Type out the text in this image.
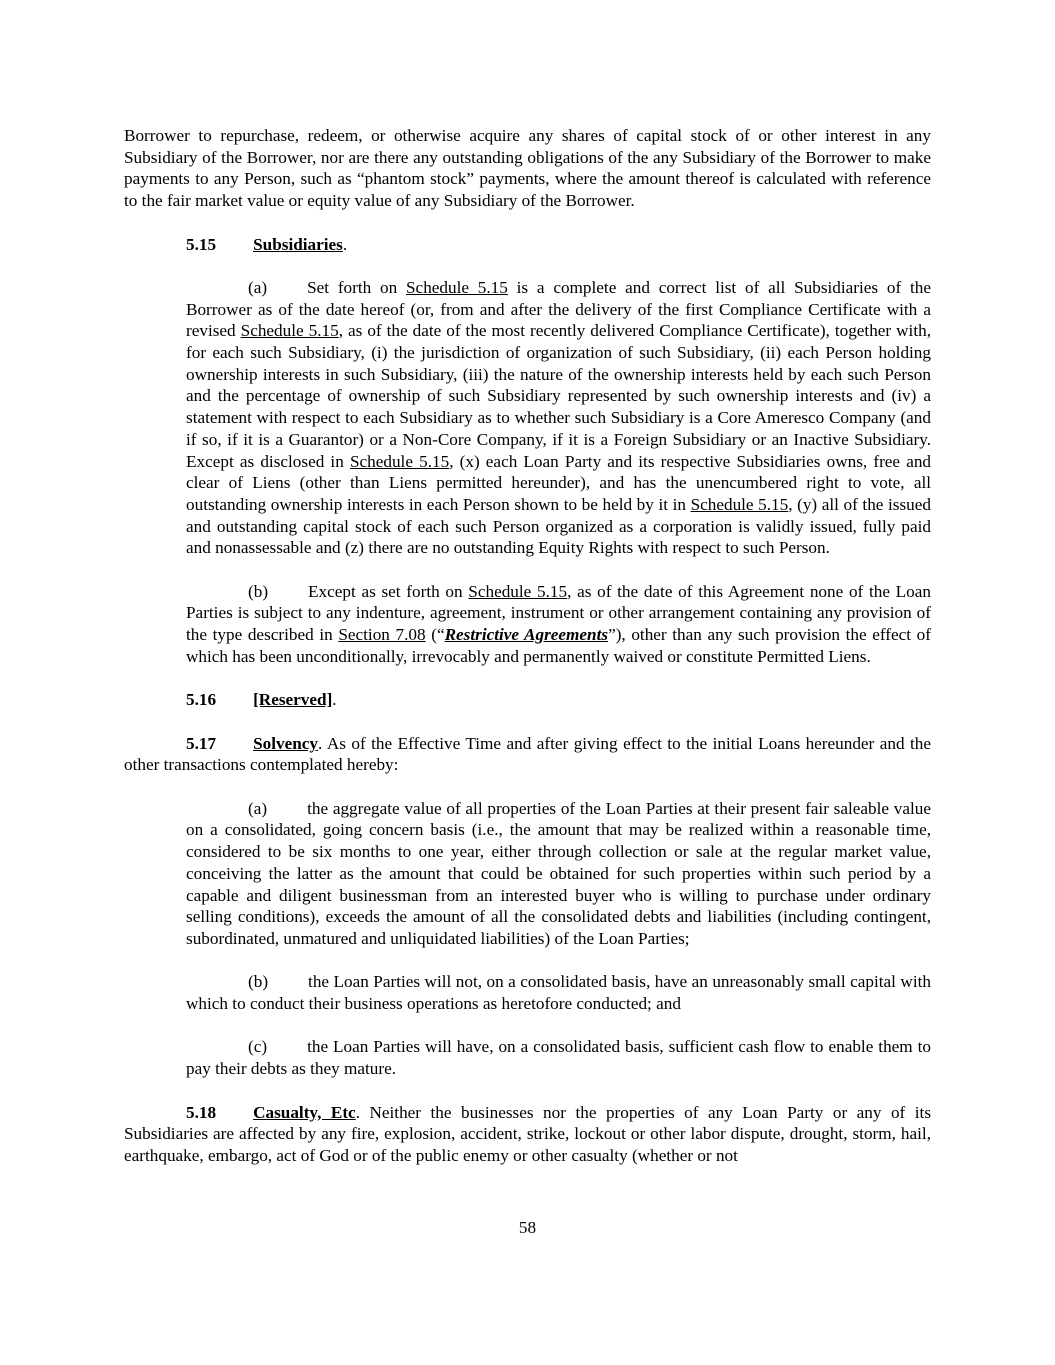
Borrower to repurchase, redeem, or otherwise acquire any shares of capital stock of or other interest in any Subsidiary of the Borrower, nor are there any outstanding obligations of the any Subsidiary of the Borrower to make payments to any Person, such as “phantom stock” payments, where the amount thereof is calculated with reference to the fair market value or equity value of any Subsidiary of the Borrower.

5.15 Subsidiaries.

(a) Set forth on Schedule 5.15 is a complete and correct list of all Subsidiaries of the Borrower as of the date hereof (or, from and after the delivery of the first Compliance Certificate with a revised Schedule 5.15, as of the date of the most recently delivered Compliance Certificate), together with, for each such Subsidiary, (i) the jurisdiction of organization of such Subsidiary, (ii) each Person holding ownership interests in such Subsidiary, (iii) the nature of the ownership interests held by each such Person and the percentage of ownership of such Subsidiary represented by such ownership interests and (iv) a statement with respect to each Subsidiary as to whether such Subsidiary is a Core Ameresco Company (and if so, if it is a Guarantor) or a Non-Core Company, if it is a Foreign Subsidiary or an Inactive Subsidiary. Except as disclosed in Schedule 5.15, (x) each Loan Party and its respective Subsidiaries owns, free and clear of Liens (other than Liens permitted hereunder), and has the unencumbered right to vote, all outstanding ownership interests in each Person shown to be held by it in Schedule 5.15, (y) all of the issued and outstanding capital stock of each such Person organized as a corporation is validly issued, fully paid and nonassessable and (z) there are no outstanding Equity Rights with respect to such Person.

(b) Except as set forth on Schedule 5.15, as of the date of this Agreement none of the Loan Parties is subject to any indenture, agreement, instrument or other arrangement containing any provision of the type described in Section 7.08 (“Restrictive Agreements”), other than any such provision the effect of which has been unconditionally, irrevocably and permanently waived or constitute Permitted Liens.

5.16 [Reserved].

5.17 Solvency. As of the Effective Time and after giving effect to the initial Loans hereunder and the other transactions contemplated hereby:

(a) the aggregate value of all properties of the Loan Parties at their present fair saleable value on a consolidated, going concern basis (i.e., the amount that may be realized within a reasonable time, considered to be six months to one year, either through collection or sale at the regular market value, conceiving the latter as the amount that could be obtained for such properties within such period by a capable and diligent businessman from an interested buyer who is willing to purchase under ordinary selling conditions), exceeds the amount of all the consolidated debts and liabilities (including contingent, subordinated, unmatured and unliquidated liabilities) of the Loan Parties;

(b) the Loan Parties will not, on a consolidated basis, have an unreasonably small capital with which to conduct their business operations as heretofore conducted; and

(c) the Loan Parties will have, on a consolidated basis, sufficient cash flow to enable them to pay their debts as they mature.

5.18 Casualty, Etc. Neither the businesses nor the properties of any Loan Party or any of its Subsidiaries are affected by any fire, explosion, accident, strike, lockout or other labor dispute, drought, storm, hail, earthquake, embargo, act of God or of the public enemy or other casualty (whether or not

58
